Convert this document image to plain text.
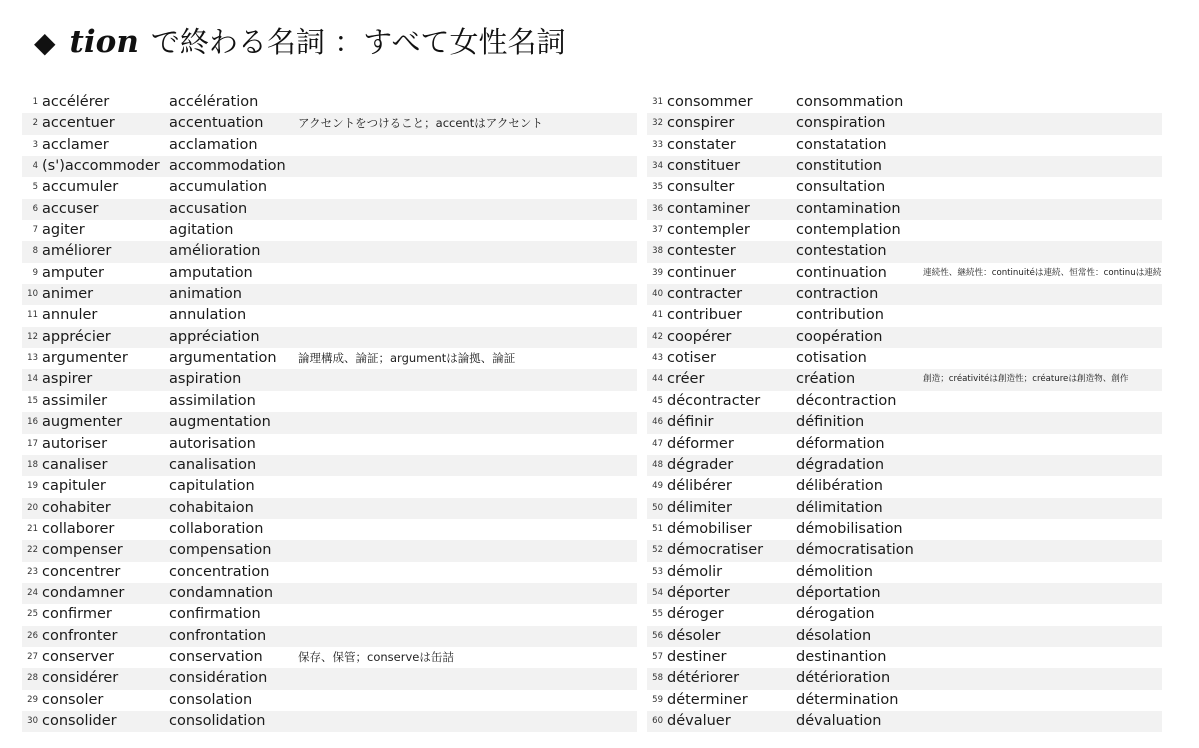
◆ tion で終わる名詞 ：すべて女性名詞
1 accélérer	accélération
2 accentuer	accentuation	アクセントをつけること；accentはアクセント
3 acclamer	acclamation
4 (s')accommoder accommodation
5 accumuler	accumulation
6 accuser	accusation
7 agiter	agitation
8 améliorer	amélioration
9 amputer	amputation
10 animer	animation
11 annuler	annulation
12 apprécier	appréciation
13 argumenter	argumentation 論理構成、論証；argumentは論拠、論証
14 aspirer	aspiration
15 assimiler	assimilation
16 augmenter	augmentation
17 autoriser	autorisation
18 canaliser	canalisation
19 capituler	capitulation
20 cohabiter	cohabitaion
21 collaborer	collaboration
22 compenser	compensation
23 concentrer	concentration
24 condamner	condamnation
25 confirmer	confirmation
26 confronter	confrontation
27 conserver	conservation	保存、保管；conserveは缶詰
28 considérer	considération
29 consoler	consolation
30 consolider	consolidation
31 consommer	consommation
32 conspirer	conspiration
33 constater	constatation
34 constituer	constitution
35 consulter	consultation
36 contaminer	contamination
37 contempler	contemplation
38 contester	contestation
39 continuer	continuation	連続性、継続性：continuitéは連続、恒常性：continuは連続
40 contracter	contraction
41 contribuer	contribution
42 coopérer	coopération
43 cotiser	cotisation
44 créer	création	創造；créativitéは創造性；créatureは創造物、創作
45 décontracter décontraction
46 définir	définition
47 déformer	déformation
48 dégrader	dégradation
49 délibérer	délibération
50 délimiter	délimitation
51 démobiliser	démobilisation
52 démocratiser démocratisation
53 démolir	démolition
54 déporter	déportation
55 déroger	dérogation
56 désoler	désolation
57 destiner	destinantion
58 détériorer	détérioration
59 déterminer	détermination
60 dévaluer	dévaluation
